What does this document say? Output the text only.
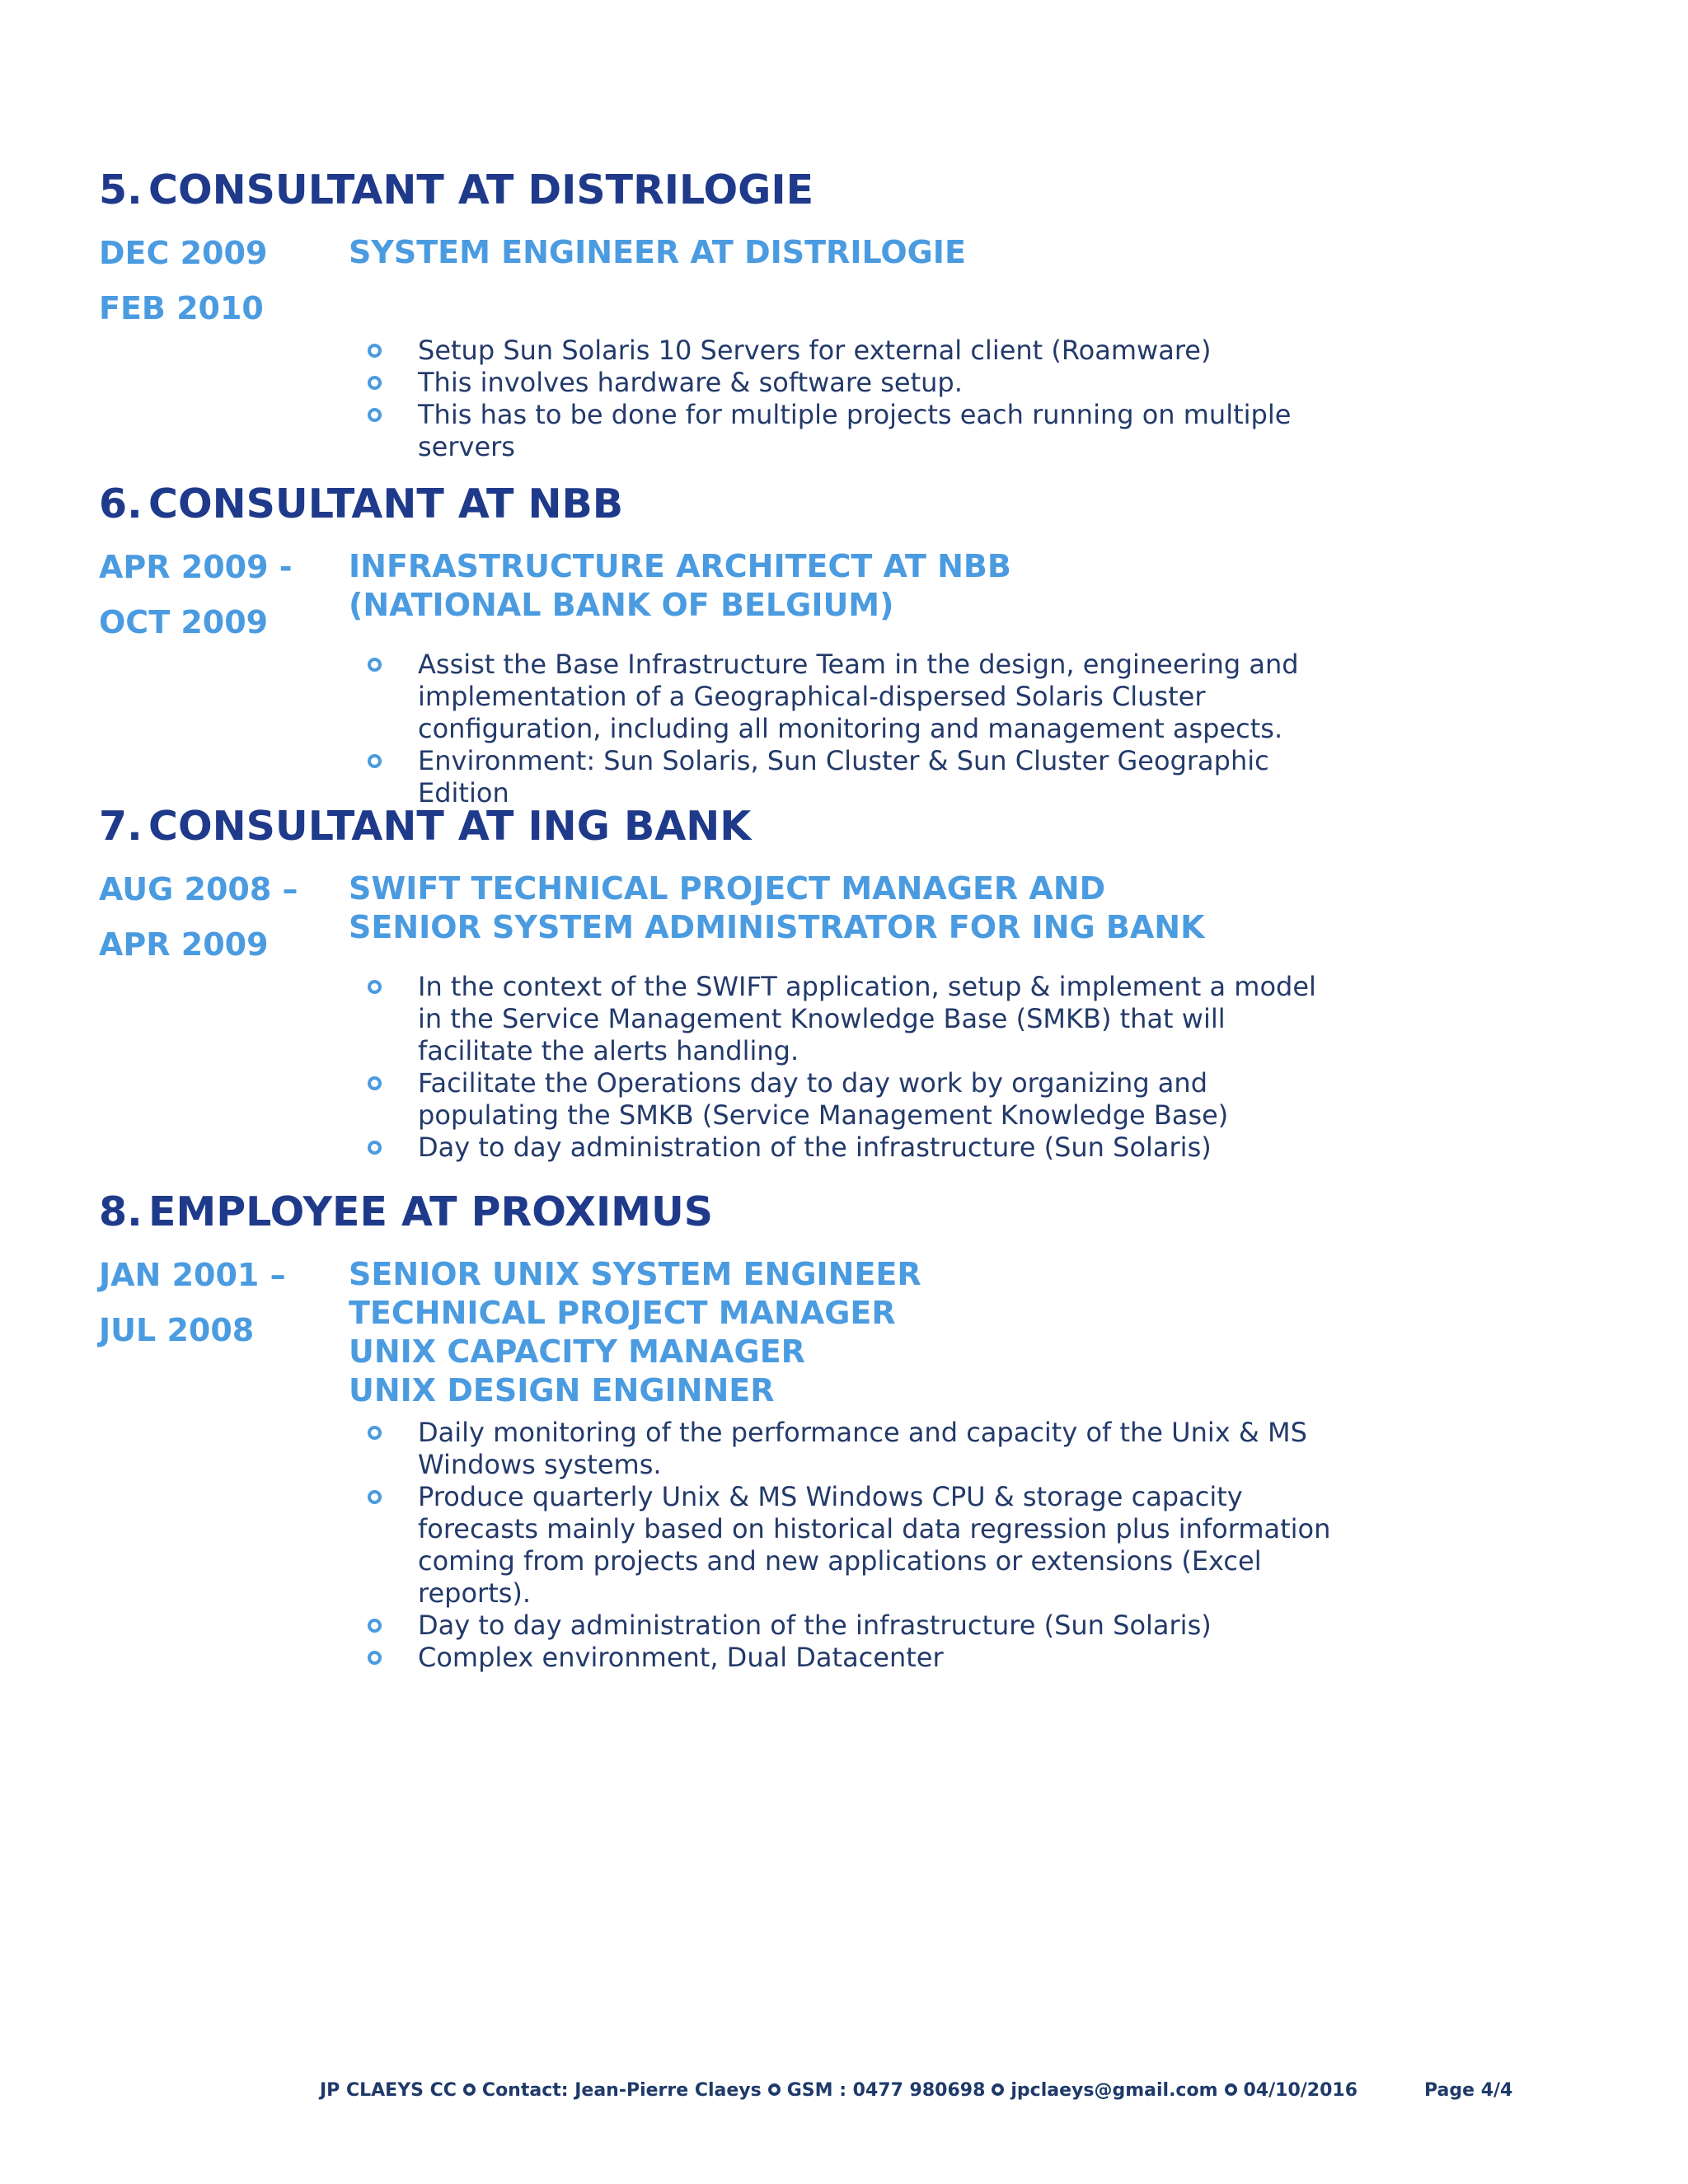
5. CONSULTANT AT DISTRILOGIE
DEC 2009
FEB 2010
SYSTEM ENGINEER AT DISTRILOGIE
Setup Sun Solaris 10 Servers for external client (Roamware)
This involves hardware & software setup.
This has to be done for multiple projects each running on multiple servers
6. CONSULTANT AT NBB
APR 2009 -
OCT 2009
INFRASTRUCTURE ARCHITECT AT NBB
(NATIONAL BANK OF BELGIUM)
Assist the Base Infrastructure Team in the design, engineering and implementation of a Geographical-dispersed Solaris Cluster configuration, including all monitoring and management aspects.
Environment: Sun Solaris, Sun Cluster & Sun Cluster Geographic Edition
7. CONSULTANT AT ING BANK
AUG 2008 –
APR 2009
SWIFT TECHNICAL PROJECT MANAGER AND
SENIOR SYSTEM ADMINISTRATOR FOR ING BANK
In the context of the SWIFT application, setup & implement a model in the Service Management Knowledge Base (SMKB) that will facilitate the alerts handling.
Facilitate the Operations day to day work by organizing and populating the SMKB (Service Management Knowledge Base)
Day to day administration of the infrastructure (Sun Solaris)
8. EMPLOYEE AT PROXIMUS
JAN 2001 –
JUL 2008
SENIOR UNIX SYSTEM ENGINEER
TECHNICAL PROJECT MANAGER
UNIX CAPACITY MANAGER
UNIX DESIGN ENGINNER
Daily monitoring of the performance and capacity of the Unix & MS Windows systems.
Produce quarterly Unix & MS Windows CPU & storage capacity forecasts mainly based on historical data regression plus information coming from projects and new applications or extensions (Excel reports).
Day to day administration of the infrastructure (Sun Solaris)
Complex environment, Dual Datacenter
JP CLAEYS CC Contact: Jean-Pierre Claeys GSM : 0477 980698 jpclaeys@gmail.com 04/10/2016	Page 4/4
